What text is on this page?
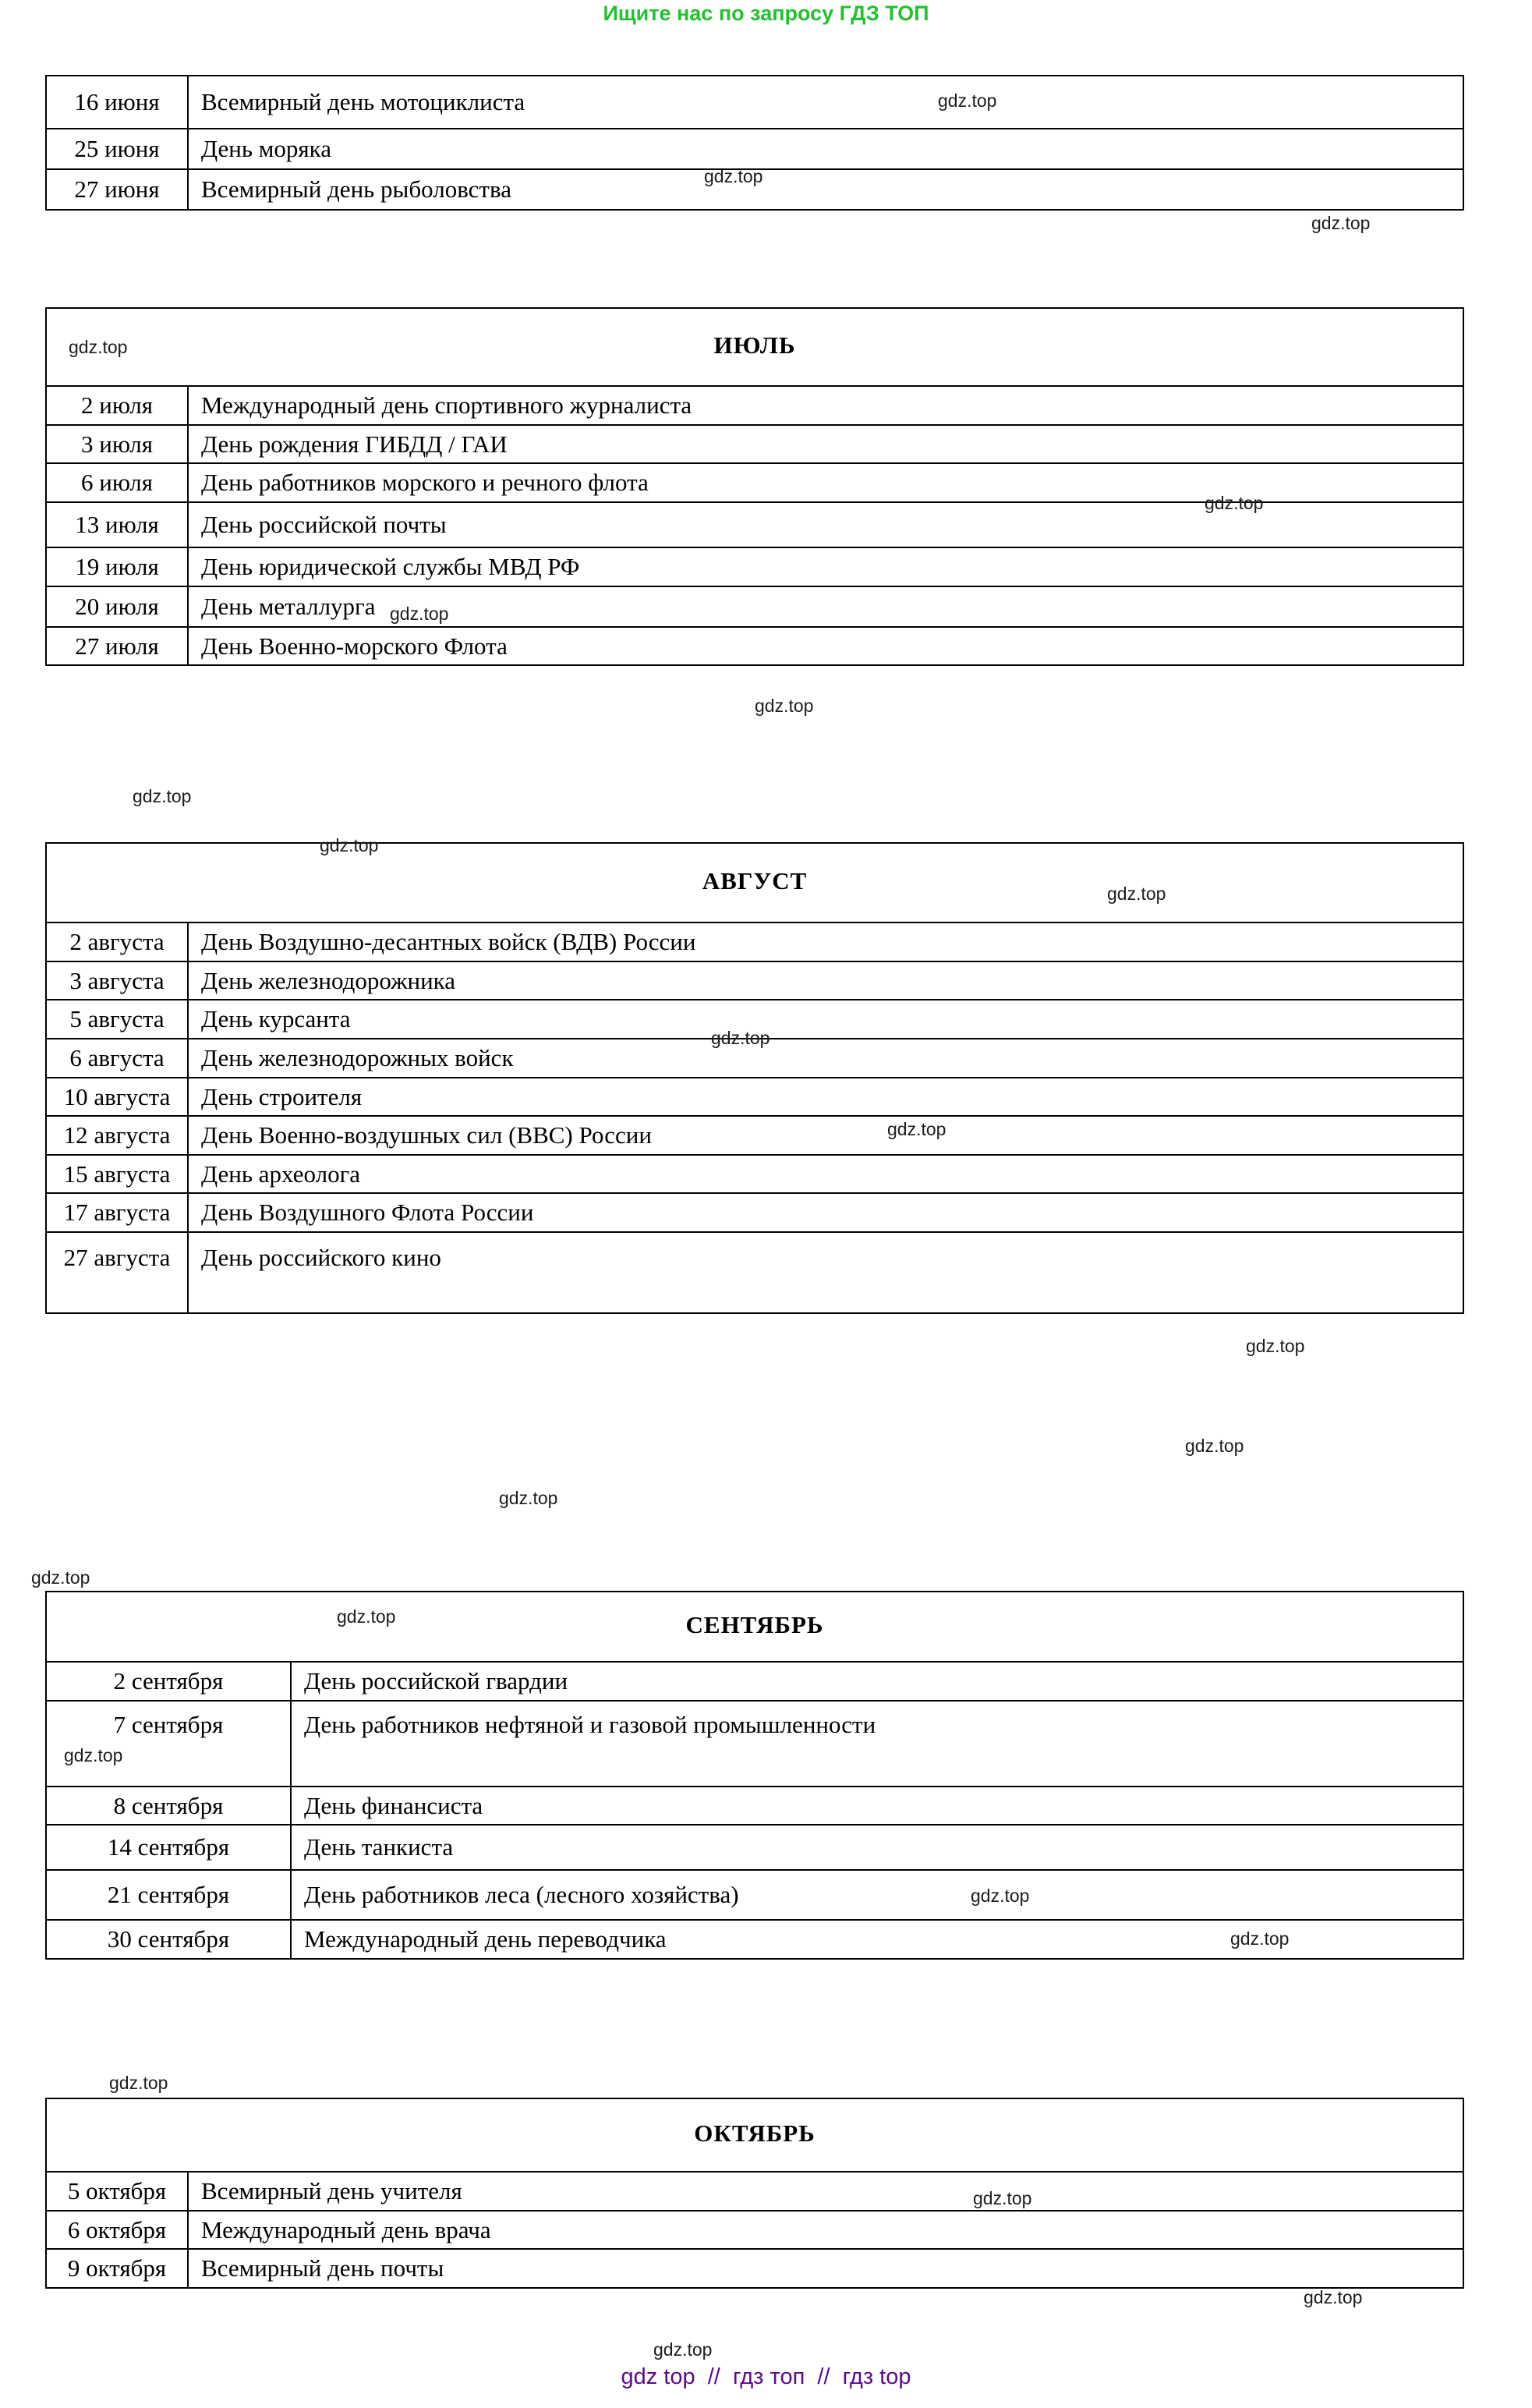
Ищите нас по запросу ГДЗ ТОП
16 июня	Всемирный день мотоциклиста
25 июня	День моряка
27 июня	Всемирный день рыболовства
ИЮЛЬ	
2 июля	Международный день спортивного журналиста
3 июля	День рождения ГИБДД / ГАИ
6 июля	День работников морского и речного флота
13 июля	День российской почты
19 июля	День юридической службы МВД РФ
20 июля	День металлурга
27 июля	День Военно-морского Флота
АВГУСТ	
2 августа	День Воздушно-десантных войск (ВДВ) России
3 августа	День железнодорожника
5 августа	День курсанта
6 августа	День железнодорожных войск
10 августа	День строителя
12 августа	День Военно-воздушных сил (ВВС) России
15 августа	День археолога
17 августа	День Воздушного Флота России
27 августа	День российского кино
СЕНТЯБРЬ	
2 сентября	День российской гвардии
7 сентября	День работников нефтяной и газовой промышленности
8 сентября	День финансиста
14 сентября	День танкиста
21 сентября	День работников леса (лесного хозяйства)
30 сентября	Международный день переводчика
ОКТЯБРЬ	
5 октября	Всемирный день учителя
6 октября	Международный день врача
9 октября	Всемирный день почты
gdz.top
gdz.top
gdz.top
gdz.top
gdz.top
gdz.top
gdz.top
gdz.top
gdz.top
gdz.top
gdz.top
gdz.top
gdz.top
gdz.top
gdz.top
gdz.top
gdz.top
gdz.top
gdz.top
gdz.top
gdz.top
gdz.top
gdz.top
gdz.top
gdz top  //  гдз топ  //  гдз top
